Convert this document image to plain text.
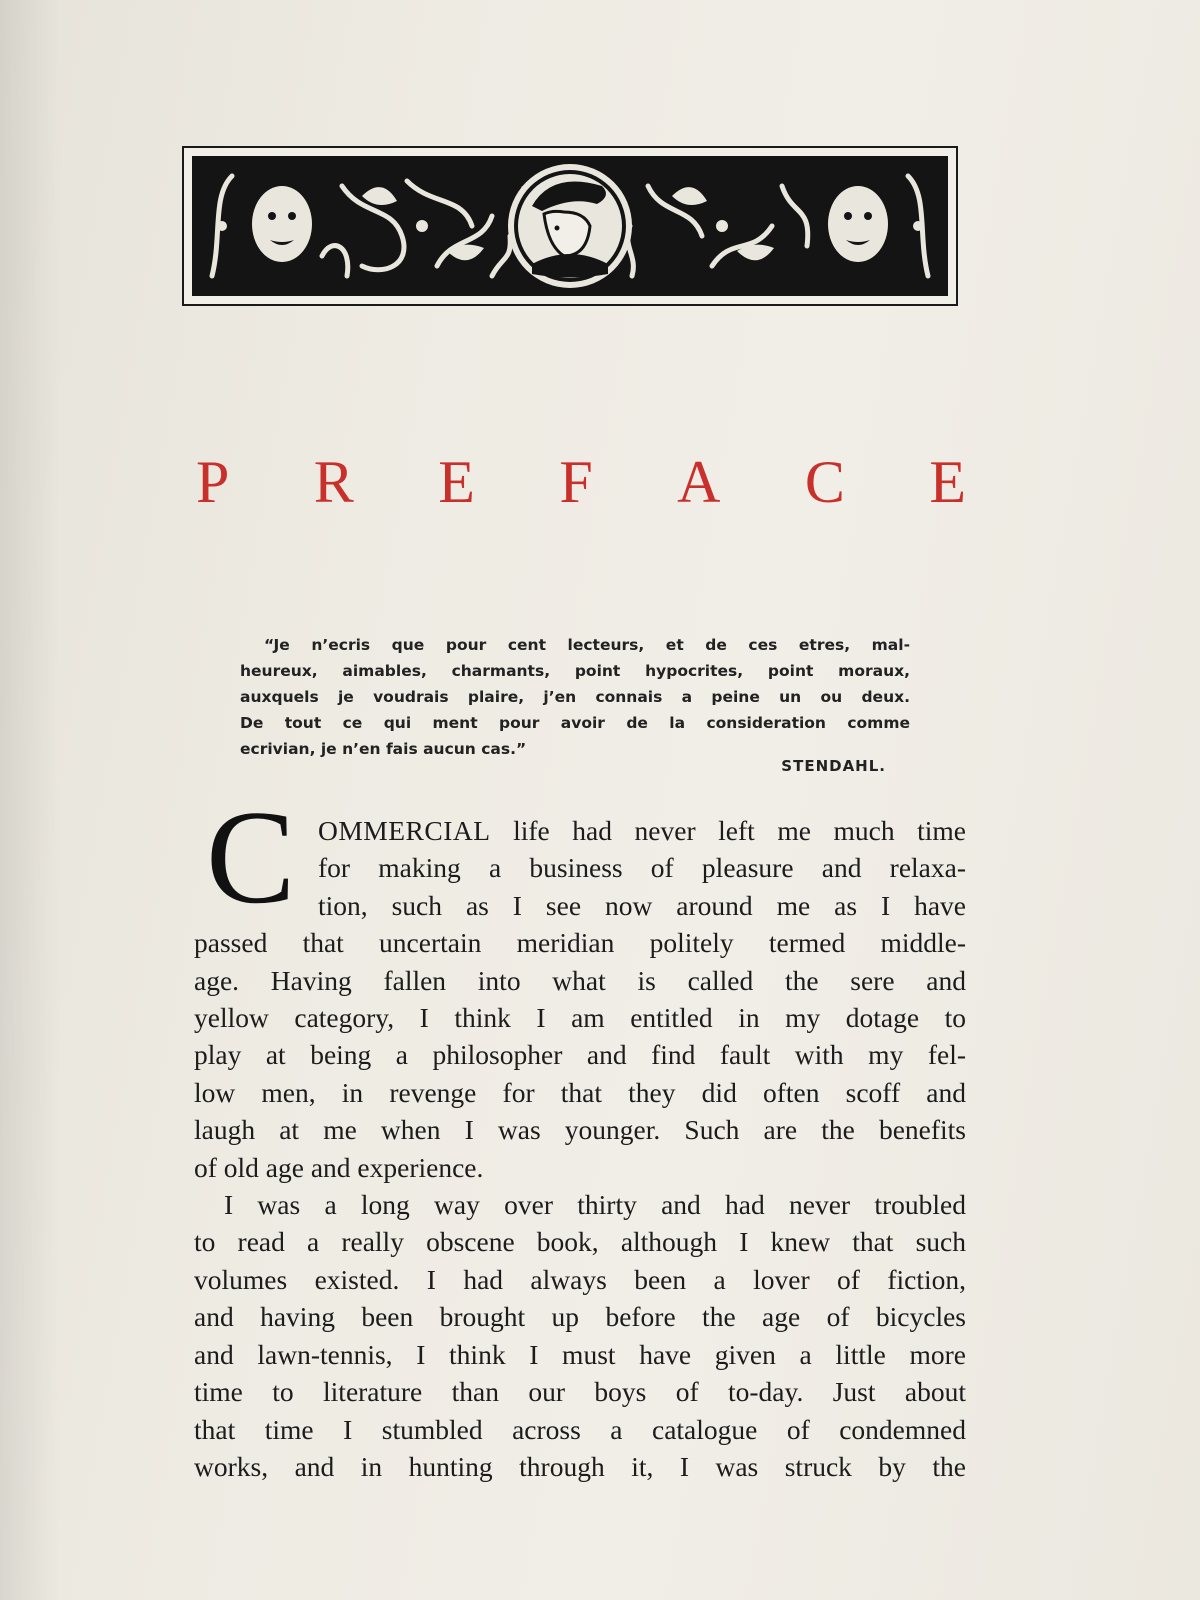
P R E F A C E
“Je n’ecris que pour cent lecteurs, et de ces etres, mal-
heureux, aimables, charmants, point hypocrites, point moraux,
auxquels je voudrais plaire, j’en connais a peine un ou deux.
De tout ce qui ment pour avoir de la consideration comme
ecrivian, je n’en fais aucun cas.”
STENDAHL.
C OMMERCIAL life had never left me much time
for making a business of pleasure and relaxa-
tion, such as I see now around me as I have
passed that uncertain meridian politely termed middle-
age. Having fallen into what is called the sere and
yellow category, I think I am entitled in my dotage to
play at being a philosopher and find fault with my fel-
low men, in revenge for that they did often scoff and
laugh at me when I was younger. Such are the benefits
of old age and experience.
I was a long way over thirty and had never troubled
to read a really obscene book, although I knew that such
volumes existed. I had always been a lover of fiction,
and having been brought up before the age of bicycles
and lawn-tennis, I think I must have given a little more
time to literature than our boys of to-day. Just about
that time I stumbled across a catalogue of condemned
works, and in hunting through it, I was struck by the
